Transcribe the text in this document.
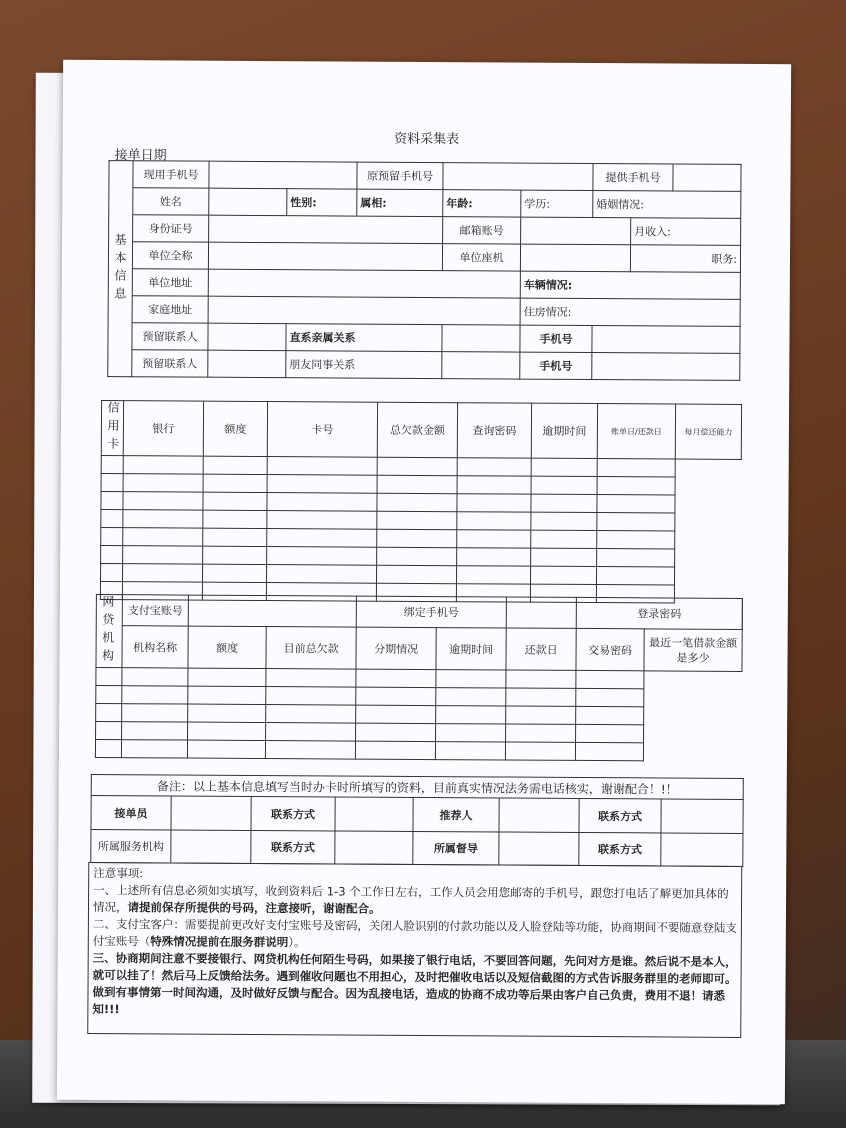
资料采集表
接单日期
基本信息	现用手机号			原预留手机号			提供手机号		
	姓名		性别:	属相:	年龄:	学历:	婚姻情况:		
	身份证号				邮箱账号			月收入:	
	单位全称				单位座机			职务:	
	单位地址					车辆情况:			
	家庭地址					住房情况:			
	预留联系人		直系亲属关系			手机号			
	预留联系人		朋友同事关系			手机号			
信用卡	银行	额度	卡号	总欠款金额	查询密码	逾期时间	账单日/还款日	每月偿还能力

网贷机构	支付宝账号			绑定手机号			登录密码		
	机构名称	额度	目前总欠款	分期情况	逾期时间	还款日	交易密码	最近一笔借款金额是多少	

备注：以上基本信息填写当时办卡时所填写的资料，目前真实情况法务需电话核实，谢谢配合！!！							
接单员		联系方式		推荐人		联系方式	
所属服务机构		联系方式		所属督导		联系方式	

注意事项:

一、上述所有信息必须如实填写，收到资料后 1-3 个工作日左右，工作人员会用您邮寄的手机号，跟您打电话了解更加具体的情况，请提前保存所提供的号码，注意接听，谢谢配合。

二、支付宝客户：需要提前更改好支付宝账号及密码，关闭人脸识别的付款功能以及人脸登陆等功能，协商期间不要随意登陆支付宝账号（特殊情况提前在服务群说明）。

三、协商期间注意不要接银行、网贷机构任何陌生号码，如果接了银行电话，不要回答问题，先问对方是谁。然后说不是本人，就可以挂了！然后马上反馈给法务。遇到催收问题也不用担心，及时把催收电话以及短信截图的方式告诉服务群里的老师即可。做到有事情第一时间沟通，及时做好反馈与配合。因为乱接电话，造成的协商不成功等后果由客户自己负责，费用不退！请悉知!!!
